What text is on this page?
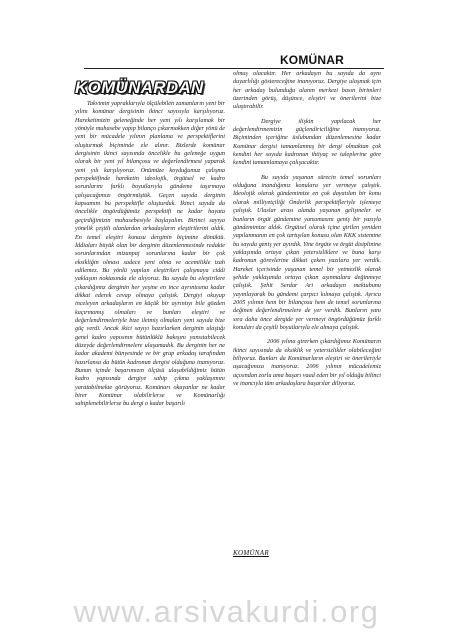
KOMÜNAR
KOMÜNARDAN

Takvimin yapraklarıyla ölçülebilen zamanların yeni bir yılını komünar dergisinin ikinci sayısıyla karşılıyoruz. Hareketimizin geleneğinde her yeni yılı karşılamak bir yönüyle muhasebe yapıp bilanço çıkarmakken diğer yönü de yeni bir mücadele yılının planlama ve perspektiflerini oluşturmak biçiminde ele alınır. Bizlerde komünar dergisinin ikinci sayısında öncelikle bu geleneğe uygun olarak bir yeni yıl bilançosu ve değerlendirmesi yaparak yeni yılı karşılıyoruz. Önümüze koyduğumuz çalışma perspektifinde hareketin ideolojik, örgütsel ve kadro sorunlarını farklı boyutlarıyla gündeme taşırmaya çalışacağımızı öngörmüştük. Geçen sayıda derginin kapsamını bu perspektifle oluşturduk. İkinci sayıda da öncelikle öngördüğümüz perspektifi ne kadar hayata geçirdiğimizin muhasebesiyle başlayalım. Birinci sayıya yönelik çeşitli alanlardan arkadaşların eleştirilerini aldık. En temel eleştiri konusu derginin biçimine dönüktü. İddiaları büyük olan bir derginin düzenlenmesinde redakte sorunlarından mizanpaj sorunlarına kadar bir çok eksikliğin olması sadece yeni olma ve acemilikle izah edilemez. Bu yönlü yapılan eleştirileri çalışmaya ciddi yaklaşım noktasında ele alıyoruz. Bu sayıda bu eleştirilere çıkardığımız derginin her yeşine en ince ayrıntısına kadar dikkat ederek cevap olmaya çalıştık. Dergiyi okuyup inceleyen arkadaşların en küçük bir ayrıntıyı bile gözden kaçırmamış olmaları ve bunları eleştiri ve değerlendirmeleriyle bize iletmiş olmaları yeni sayıda bize güç verdi. Ancak ikici sayıyı hazırlarken derginin ulaştığı genel kadro yapısının bütünlüklü bakışını yansıtabilecek düzeyde değerlendirmelere ulaşamadık. Bu derginin her ne kadar akademi bünyesinde ve bir grup arkadaş tarafından hazırlansa da bütün kadronun dergisi olduğuna inanıyoruz. Bunun içinde başarımızın ölçüsü ulaşabildiğimiz bütün kadro yapısında dergiye sahip çıkma yaklaşımını yaratabilmekte görüyoruz. Komünarı okuyanlar ne kadar birer Komünar olabilirlerse ve Komünarlığı sahiplenebilirlerse bu dergi o kadar başarılı

olmuş olacaktır. Her arkadaşın bu sayıda da aynı duyarlılığı göstereceğine inanıyoruz. Dergiye ulaşmak için her arkadaş bulunduğu alanın merkezi basın birimleri üzerinden görüş, düşünce, eleştiri ve önerilerini bize ulaştırabilir.

Dergiye ilişkin yapılacak her değerlendirmemizin güçlendiriciliğine inanıyoruz. Biçiminden içeriğine üslubundan düzenlemesine kadar Komünar dergisi tamamlanmış bir dergi olmaktan çok kendini her sayıda kadronun ihtiyaç ve taleplerine göre kendini tamamlamaya çalışacaktır.

Bu sayıda yaşanan sürecin temel sorunları olduğuna inandığımız konulara yer vermeye çalıştık. İdeolojik olarak gündemimize en çok dayatılan bir konu olarak milliyetçiliği Önderlik perspektifleriyle işlemeye çalıştık. Uluslar arası alanda yaşanan gelişmeler ve bunların örgüt gündemine yansımasını geniş bir yazıyla gündemimize aldık. Örgütsel olarak içine girilen yeniden yapılanmanın en çok tartışılan konusu olan KKK sistemine bu sayıda geniş yer ayırdık. Yine örgüte ve örgüt disiplinine yaklaşımda ortaya çıkan yetersizliklere ve buna karşı kadronun görevlerine dikkat çeken yazılara yer verdik. Hareket içerisinde yaşanan temel bir yetmezlik olarak şehide yaklaşımda ortaya çıkan aşınmalara değinmeye çalıştık. Şehit Serdar Ari arkadaşın mektubunu yayınlayarak bu gündemi çarpıcı kılmaya çalıştık. Ayrıca 2005 yılının hem bir bilançosu hem de temel sorunlarına değinen değerlendirmelere de yer verdik. Bunların yanı sıra daha önce dergide yer vermeyi öngördüğümüz farklı konuları da çeşitli boyutlarıyla ele almaya çalıştık.

2006 yılına girerken çıkardığımız Komünarın ikinci sayısında da eksiklik ve yetersizlikler olabileceğini biliyoruz. Bunları da Komünarların eleştiri ve önerileriyle aşacağımıza inanıyoruz. 2006 yılının mücadelemiz açısından zorlu ama başarı vaad eden bir yıl olduğu bilinci ve inancıyla tüm arkadaşlara başarılar diliyoruz.

KOMÜNAR
www.arsivakurdi.org
